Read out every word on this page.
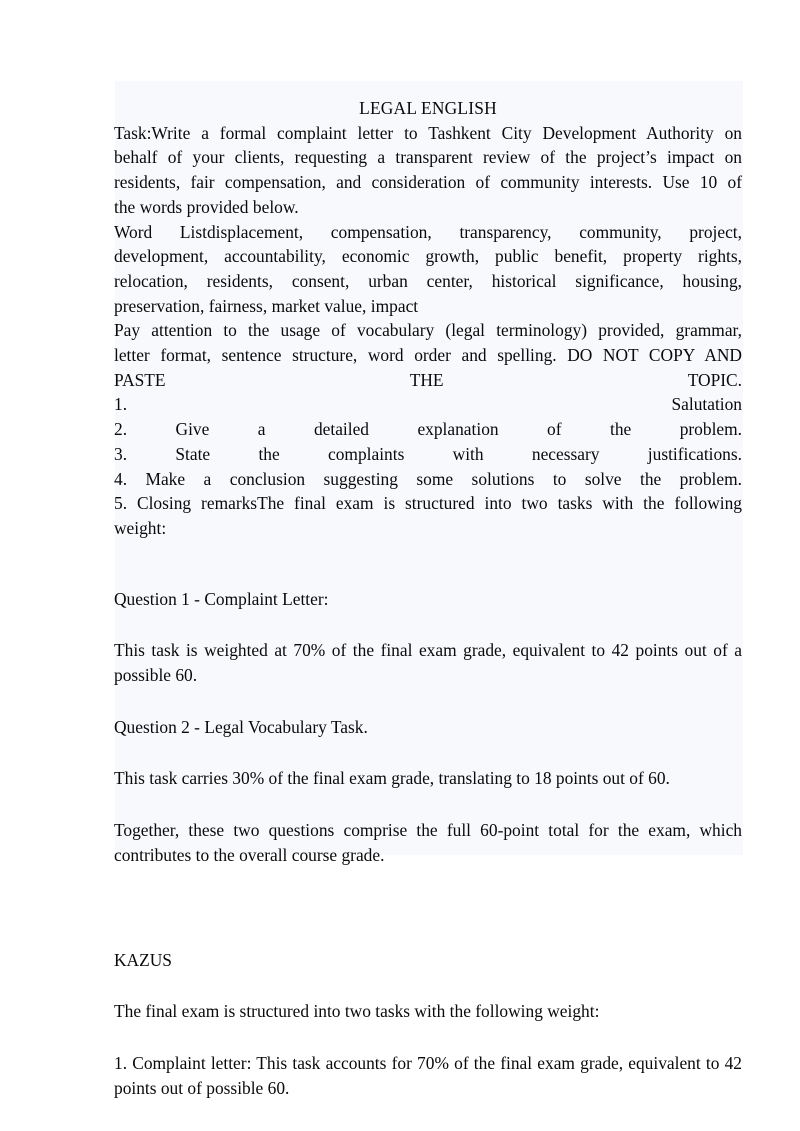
LEGAL ENGLISH
Task:Write a formal complaint letter to Tashkent City Development Authority on
behalf of your clients, requesting a transparent review of the project’s impact on
residents, fair compensation, and consideration of community interests. Use 10 of
the words provided below.
Word   Listdisplacement,   compensation,   transparency,   community,   project,
development,  accountability,  economic  growth,  public  benefit,  property  rights,
relocation,  residents,  consent,  urban  center,  historical  significance,  housing,
preservation, fairness, market value, impact
Pay attention to the usage of vocabulary (legal terminology) provided, grammar,
letter format, sentence structure, word order and spelling. DO NOT COPY AND
PASTE THE TOPIC.
1. Salutation
2. Give a detailed explanation of the problem.
3. State the complaints with necessary justifications.
4. Make a conclusion suggesting some solutions to solve the problem.
5. Closing remarksThe final exam is structured into two tasks with the following
weight:

Question 1 - Complaint Letter:

This task is weighted at 70% of the final exam grade, equivalent to 42 points out of a possible 60.

Question 2 - Legal Vocabulary Task.

This task carries 30% of the final exam grade, translating to 18 points out of 60.

Together, these two questions comprise the full 60-point total for the exam, which contributes to the overall course grade.

KAZUS

The final exam is structured into two tasks with the following weight:

1. Complaint letter: This task accounts for 70% of the final exam grade, equivalent to 42 points out of possible 60.
